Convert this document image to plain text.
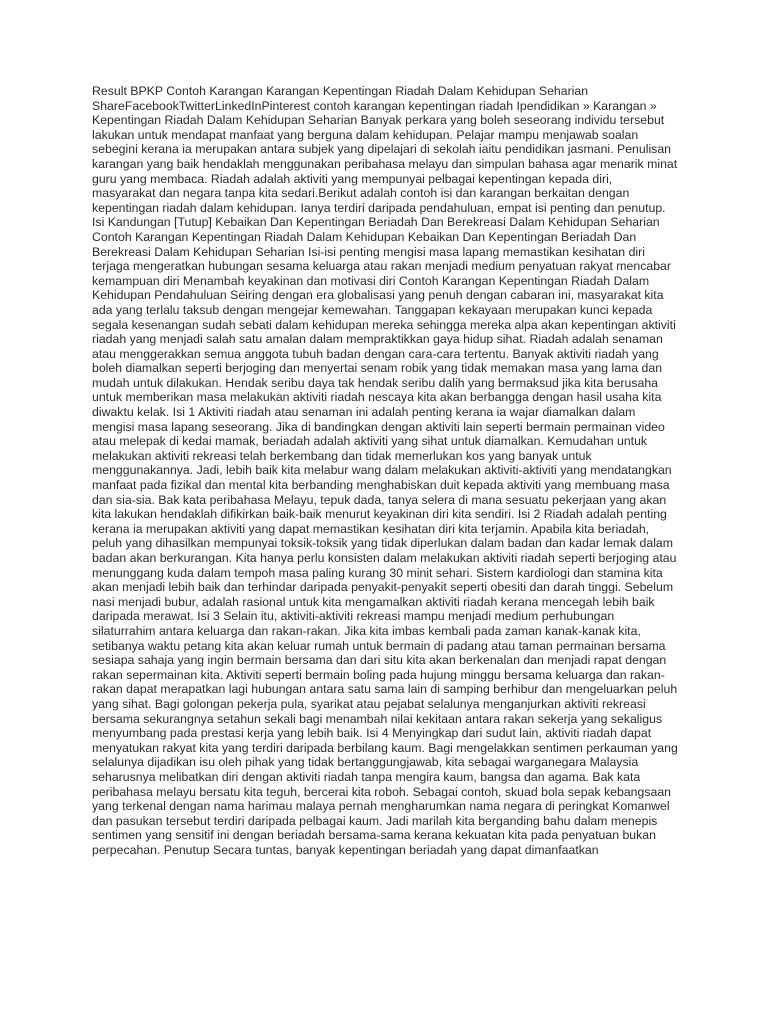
Result BPKP Contoh Karangan Karangan Kepentingan Riadah Dalam Kehidupan Seharian ShareFacebookTwitterLinkedInPinterest contoh karangan kepentingan riadah Ipendidikan » Karangan » Kepentingan Riadah Dalam Kehidupan Seharian Banyak perkara yang boleh seseorang individu tersebut lakukan untuk mendapat manfaat yang berguna dalam kehidupan. Pelajar mampu menjawab soalan sebegini kerana ia merupakan antara subjek yang dipelajari di sekolah iaitu pendidikan jasmani. Penulisan karangan yang baik hendaklah menggunakan peribahasa melayu dan simpulan bahasa agar menarik minat guru yang membaca. Riadah adalah aktiviti yang mempunyai pelbagai kepentingan kepada diri, masyarakat dan negara tanpa kita sedari.Berikut adalah contoh isi dan karangan berkaitan dengan kepentingan riadah dalam kehidupan. Ianya terdiri daripada pendahuluan, empat isi penting dan penutup. Isi Kandungan [Tutup] Kebaikan Dan Kepentingan Beriadah Dan Berekreasi Dalam Kehidupan Seharian Contoh Karangan Kepentingan Riadah Dalam Kehidupan Kebaikan Dan Kepentingan Beriadah Dan Berekreasi Dalam Kehidupan Seharian Isi-isi penting mengisi masa lapang memastikan kesihatan diri terjaga mengeratkan hubungan sesama keluarga atau rakan menjadi medium penyatuan rakyat mencabar kemampuan diri Menambah keyakinan dan motivasi diri Contoh Karangan Kepentingan Riadah Dalam Kehidupan Pendahuluan Seiring dengan era globalisasi yang penuh dengan cabaran ini, masyarakat kita ada yang terlalu taksub dengan mengejar kemewahan. Tanggapan kekayaan merupakan kunci kepada segala kesenangan sudah sebati dalam kehidupan mereka sehingga mereka alpa akan kepentingan aktiviti riadah yang menjadi salah satu amalan dalam mempraktikkan gaya hidup sihat. Riadah adalah senaman atau menggerakkan semua anggota tubuh badan dengan cara-cara tertentu. Banyak aktiviti riadah yang boleh diamalkan seperti berjoging dan menyertai senam robik yang tidak memakan masa yang lama dan mudah untuk dilakukan. Hendak seribu daya tak hendak seribu dalih yang bermaksud jika kita berusaha untuk memberikan masa melakukan aktiviti riadah nescaya kita akan berbangga dengan hasil usaha kita diwaktu kelak. Isi 1 Aktiviti riadah atau senaman ini adalah penting kerana ia wajar diamalkan dalam mengisi masa lapang seseorang. Jika di bandingkan dengan aktiviti lain seperti bermain permainan video atau melepak di kedai mamak, beriadah adalah aktiviti yang sihat untuk diamalkan. Kemudahan untuk melakukan aktiviti rekreasi telah berkembang dan tidak memerlukan kos yang banyak untuk menggunakannya. Jadi, lebih baik kita melabur wang dalam melakukan aktiviti-aktiviti yang mendatangkan manfaat pada fizikal dan mental kita berbanding menghabiskan duit kepada aktiviti yang membuang masa dan sia-sia. Bak kata peribahasa Melayu, tepuk dada, tanya selera di mana sesuatu pekerjaan yang akan kita lakukan hendaklah difikirkan baik-baik menurut keyakinan diri kita sendiri. Isi 2 Riadah adalah penting kerana ia merupakan aktiviti yang dapat memastikan kesihatan diri kita terjamin. Apabila kita beriadah, peluh yang dihasilkan mempunyai toksik-toksik yang tidak diperlukan dalam badan dan kadar lemak dalam badan akan berkurangan. Kita hanya perlu konsisten dalam melakukan aktiviti riadah seperti berjoging atau menunggang kuda dalam tempoh masa paling kurang 30 minit sehari. Sistem kardiologi dan stamina kita akan menjadi lebih baik dan terhindar daripada penyakit-penyakit seperti obesiti dan darah tinggi. Sebelum nasi menjadi bubur, adalah rasional untuk kita mengamalkan aktiviti riadah kerana mencegah lebih baik daripada merawat. Isi 3 Selain itu, aktiviti-aktiviti rekreasi mampu menjadi medium perhubungan silaturrahim antara keluarga dan rakan-rakan. Jika kita imbas kembali pada zaman kanak-kanak kita, setibanya waktu petang kita akan keluar rumah untuk bermain di padang atau taman permainan bersama sesiapa sahaja yang ingin bermain bersama dan dari situ kita akan berkenalan dan menjadi rapat dengan rakan sepermainan kita. Aktiviti seperti bermain boling pada hujung minggu bersama keluarga dan rakan-rakan dapat merapatkan lagi hubungan antara satu sama lain di samping berhibur dan mengeluarkan peluh yang sihat. Bagi golongan pekerja pula, syarikat atau pejabat selalunya menganjurkan aktiviti rekreasi bersama sekurangnya setahun sekali bagi menambah nilai kekitaan antara rakan sekerja yang sekaligus menyumbang pada prestasi kerja yang lebih baik. Isi 4 Menyingkap dari sudut lain, aktiviti riadah dapat menyatukan rakyat kita yang terdiri daripada berbilang kaum. Bagi mengelakkan sentimen perkauman yang selalunya dijadikan isu oleh pihak yang tidak bertanggungjawab, kita sebagai warganegara Malaysia seharusnya melibatkan diri dengan aktiviti riadah tanpa mengira kaum, bangsa dan agama. Bak kata peribahasa melayu bersatu kita teguh, bercerai kita roboh. Sebagai contoh, skuad bola sepak kebangsaan yang terkenal dengan nama harimau malaya pernah mengharumkan nama negara di peringkat Komanwel dan pasukan tersebut terdiri daripada pelbagai kaum. Jadi marilah kita berganding bahu dalam menepis sentimen yang sensitif ini dengan beriadah bersama-sama kerana kekuatan kita pada penyatuan bukan perpecahan. Penutup Secara tuntas, banyak kepentingan beriadah yang dapat dimanfaatkan
